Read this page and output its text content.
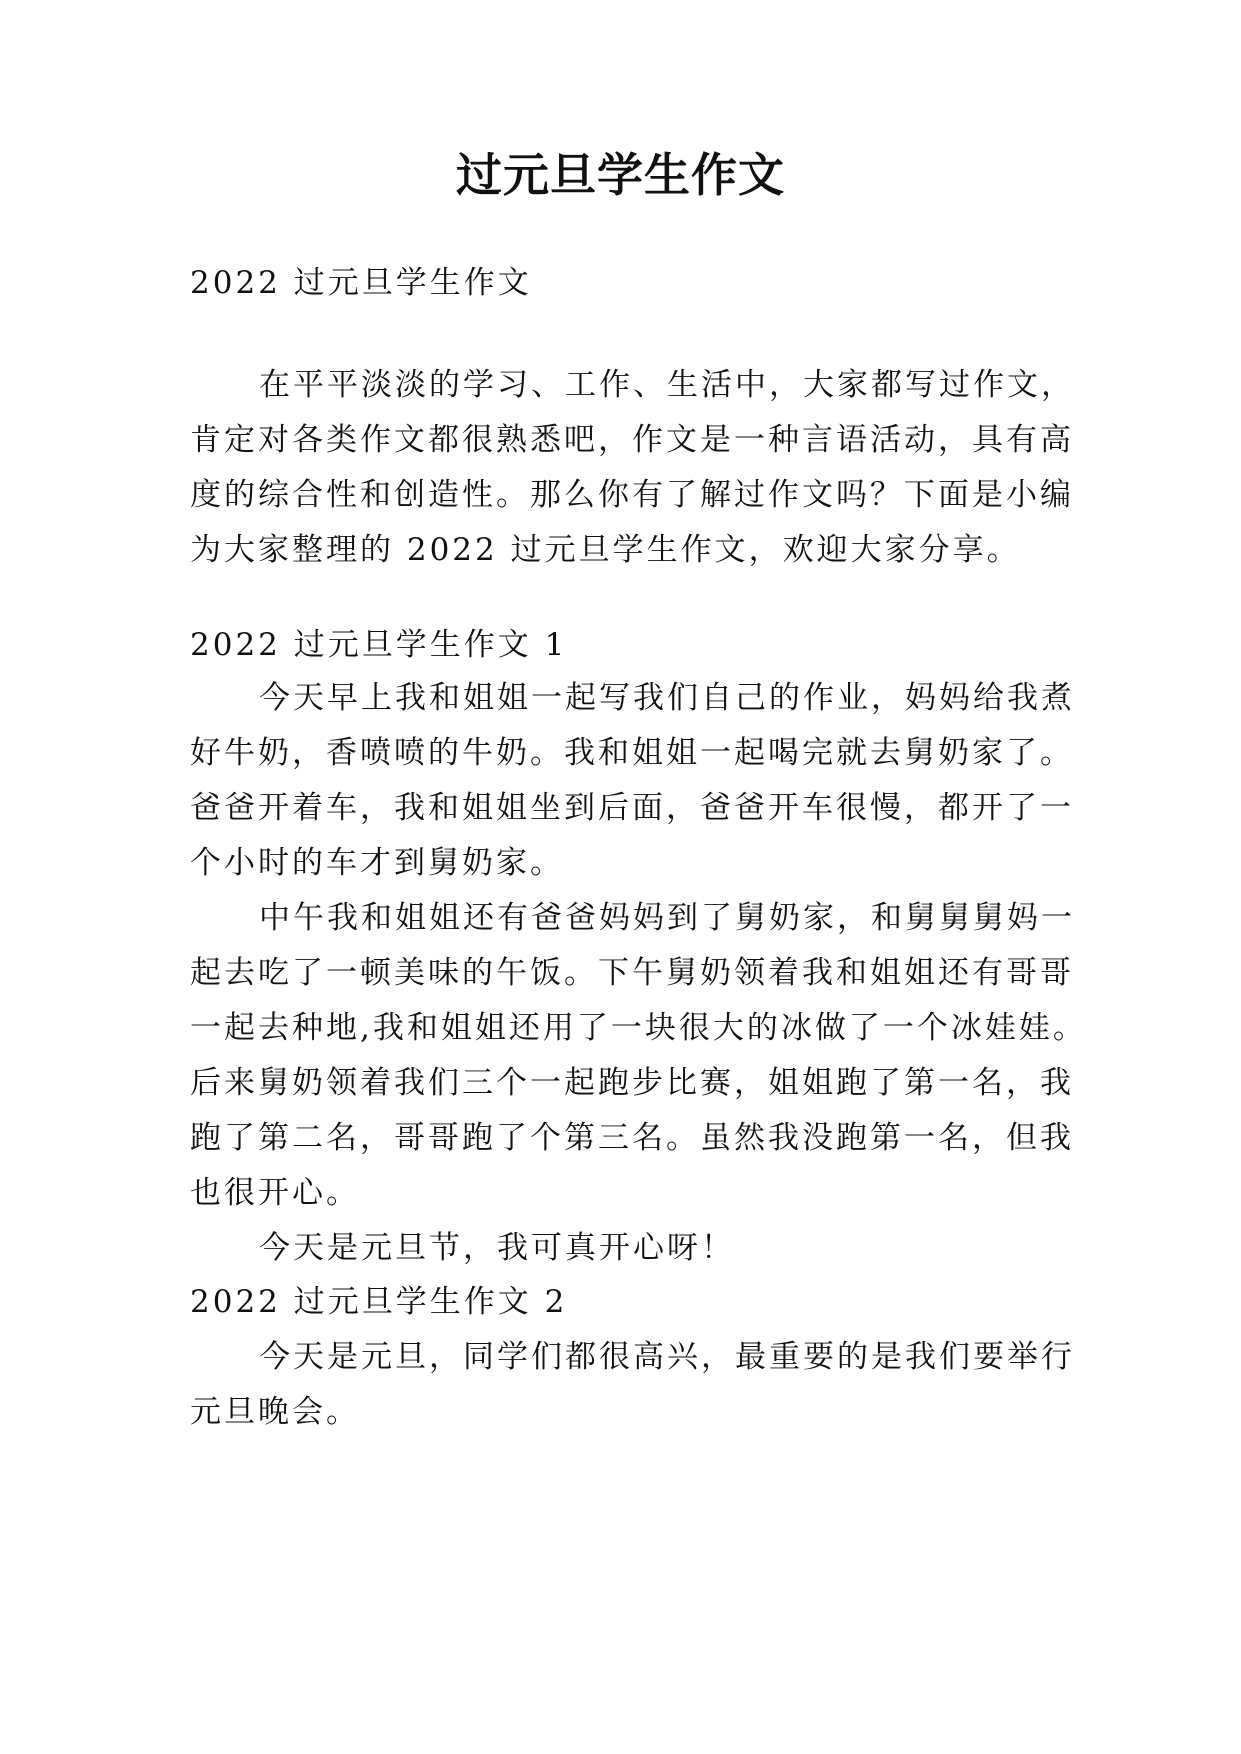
过元旦学生作文
2022 过元旦学生作文
在平平淡淡的学习、工作、生活中，大家都写过作文，
肯定对各类作文都很熟悉吧，作文是一种言语活动，具有高
度的综合性和创造性。那么你有了解过作文吗？下面是小编
为大家整理的 2022 过元旦学生作文，欢迎大家分享。
2022 过元旦学生作文 1
今天早上我和姐姐一起写我们自己的作业，妈妈给我煮
好牛奶，香喷喷的牛奶。我和姐姐一起喝完就去舅奶家了。
爸爸开着车，我和姐姐坐到后面，爸爸开车很慢，都开了一
个小时的车才到舅奶家。
中午我和姐姐还有爸爸妈妈到了舅奶家，和舅舅舅妈一
起去吃了一顿美味的午饭。下午舅奶领着我和姐姐还有哥哥
一起去种地,我和姐姐还用了一块很大的冰做了一个冰娃娃。
后来舅奶领着我们三个一起跑步比赛，姐姐跑了第一名，我
跑了第二名，哥哥跑了个第三名。虽然我没跑第一名，但我
也很开心。
今天是元旦节，我可真开心呀！
2022 过元旦学生作文 2
今天是元旦，同学们都很高兴，最重要的是我们要举行
元旦晚会。
